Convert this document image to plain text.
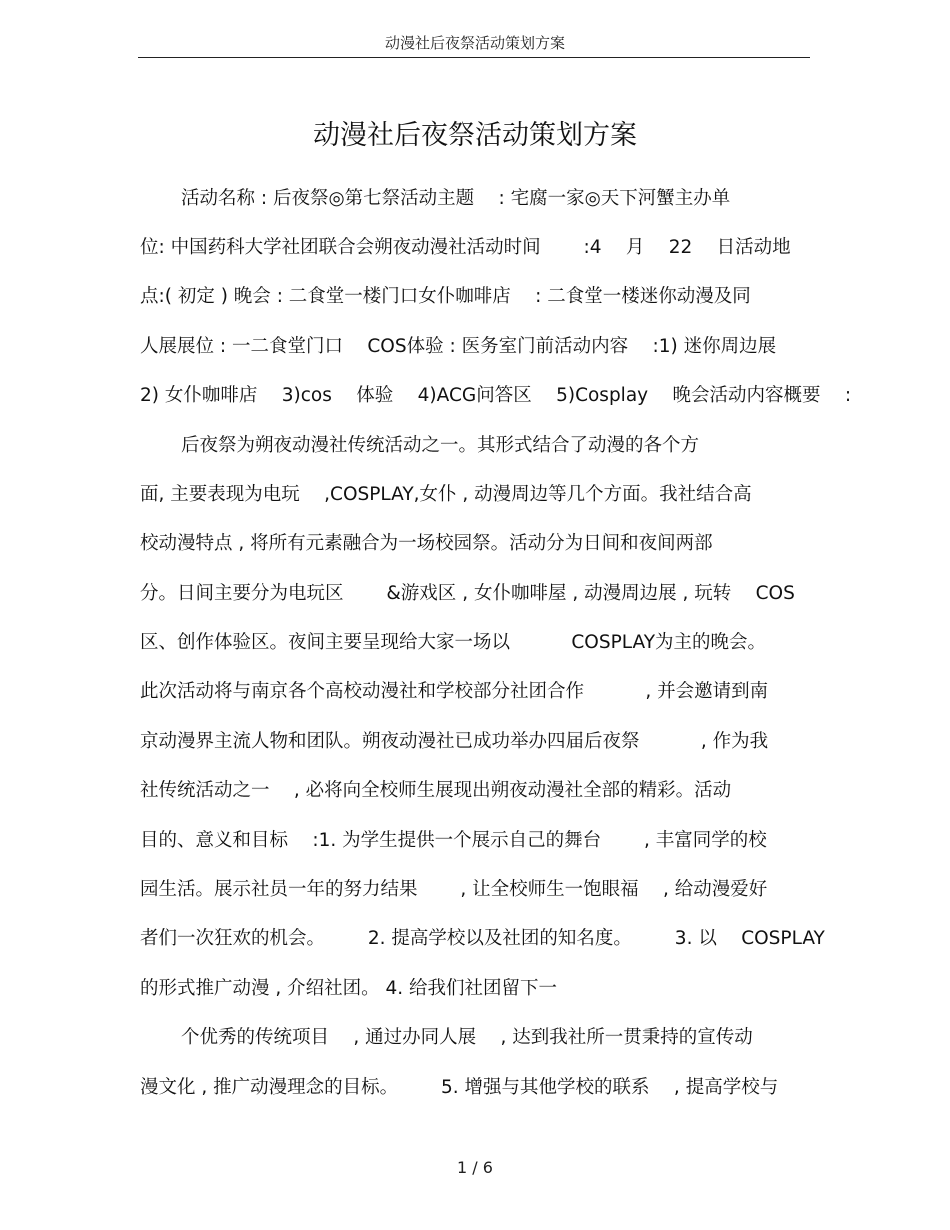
动漫社后夜祭活动策划方案
动漫社后夜祭活动策划方案
活动名称 : 后夜祭◎第七祭活动主题 　: 宅腐一家◎天下河蟹主办单
位: 中国药科大学社团联合会朔夜动漫社活动时间 　　:4 　月 　22 　日活动地
点:( 初定 ) 晚会 : 二食堂一楼门口女仆咖啡店 　: 二食堂一楼迷你动漫及同
人展展位 : 一二食堂门口 　COS体验 : 医务室门前活动内容 　:1) 迷你周边展
2) 女仆咖啡店 　3)cos 　体验 　4)ACG问答区 　5)Cosplay 　晚会活动内容概要 　:
后夜祭为朔夜动漫社传统活动之一。其形式结合了动漫的各个方
面, 主要表现为电玩 　,COSPLAY,女仆 , 动漫周边等几个方面。我社结合高
校动漫特点 , 将所有元素融合为一场校园祭。活动分为日间和夜间两部
分。日间主要分为电玩区 　　&游戏区 , 女仆咖啡屋 , 动漫周边展 , 玩转 　COS
区、创作体验区。夜间主要呈现给大家一场以 　　　COSPLAY为主的晚会。
此次活动将与南京各个高校动漫社和学校部分社团合作 　　　, 并会邀请到南
京动漫界主流人物和团队。朔夜动漫社已成功举办四届后夜祭 　　　, 作为我
社传统活动之一 　, 必将向全校师生展现出朔夜动漫社全部的精彩。活动
目的、意义和目标 　:1. 为学生提供一个展示自己的舞台 　　, 丰富同学的校
园生活。展示社员一年的努力结果 　　, 让全校师生一饱眼福 　, 给动漫爱好
者们一次狂欢的机会。 　　2. 提高学校以及社团的知名度。 　　3. 以 　COSPLAY
的形式推广动漫 , 介绍社团。 4. 给我们社团留下一
个优秀的传统项目 　, 通过办同人展 　, 达到我社所一贯秉持的宣传动
漫文化 , 推广动漫理念的目标。 　　5. 增强与其他学校的联系 　, 提高学校与
1 / 6
